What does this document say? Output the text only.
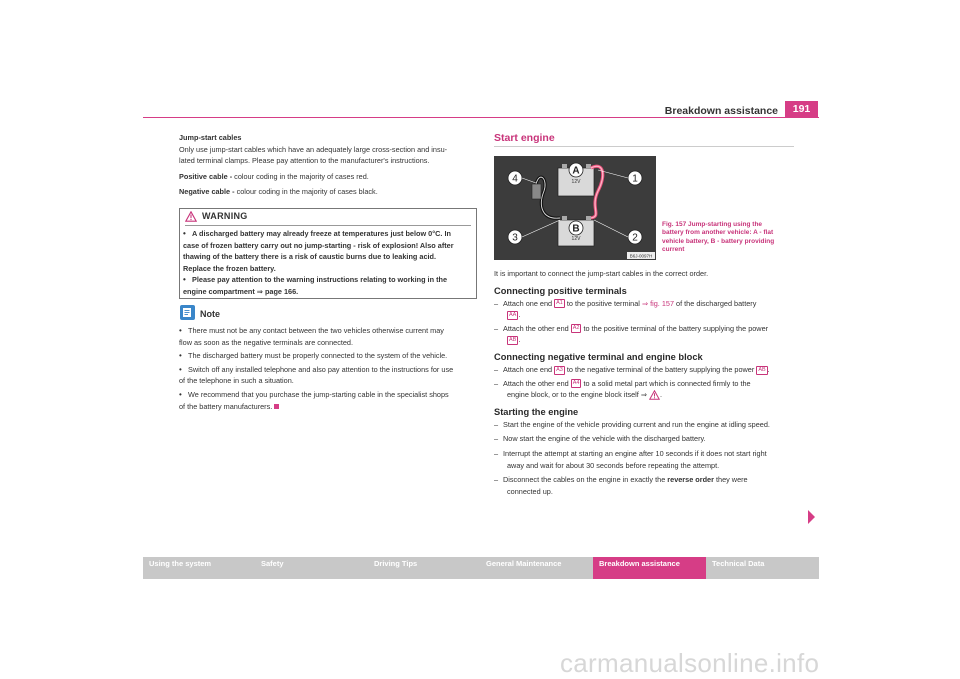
Breakdown assistance	191

Jump-start cables

Only use jump-start cables which have an adequately large cross-section and insu-

lated terminal clamps. Please pay attention to the manufacturer's instructions.

Positive cable - colour coding in the majority of cases red.

Negative cable - colour coding in the majority of cases black.

WARNING

• A discharged battery may already freeze at temperatures just below 0°C. In

case of frozen battery carry out no jump-starting - risk of explosion! Also after

thawing of the battery there is a risk of caustic burns due to leaking acid.

Replace the frozen battery.

• Please pay attention to the warning instructions relating to working in the

engine compartment ⇒ page 166.

Note

• There must not be any contact between the two vehicles otherwise current may

flow as soon as the negative terminals are connected.

• The discharged battery must be properly connected to the system of the vehicle.

• Switch off any installed telephone and also pay attention to the instructions for use

of the telephone in such a situation.

• We recommend that you purchase the jump-starting cable in the specialist shops

of the battery manufacturers.

Start engine
12V
12V
A
B
1
2
3
4
B6J-0097H

Fig. 157 Jump-starting using the

battery from another vehicle: A - flat

vehicle battery, B - battery providing

current

It is important to connect the jump-start cables in the correct order.

Connecting positive terminals

– Attach one end A1 to the positive terminal ⇒ fig. 157 of the discharged battery

AA .

– Attach the other end A2 to the positive terminal of the battery supplying the power

AB .

Connecting negative terminal and engine block

– Attach one end A3 to the negative terminal of the battery supplying the power AB .

– Attach the other end A4 to a solid metal part which is connected firmly to the

engine block, or to the engine block itself ⇒ .

Starting the engine

– Start the engine of the vehicle providing current and run the engine at idling speed.

– Now start the engine of the vehicle with the discharged battery.

– Interrupt the attempt at starting an engine after 10 seconds if it does not start right

away and wait for about 30 seconds before repeating the attempt.

– Disconnect the cables on the engine in exactly the reverse order they were

connected up.

Using the system	Safety	Driving Tips	General Maintenance	Breakdown assistance	Technical Data
carmanualsonline.info
